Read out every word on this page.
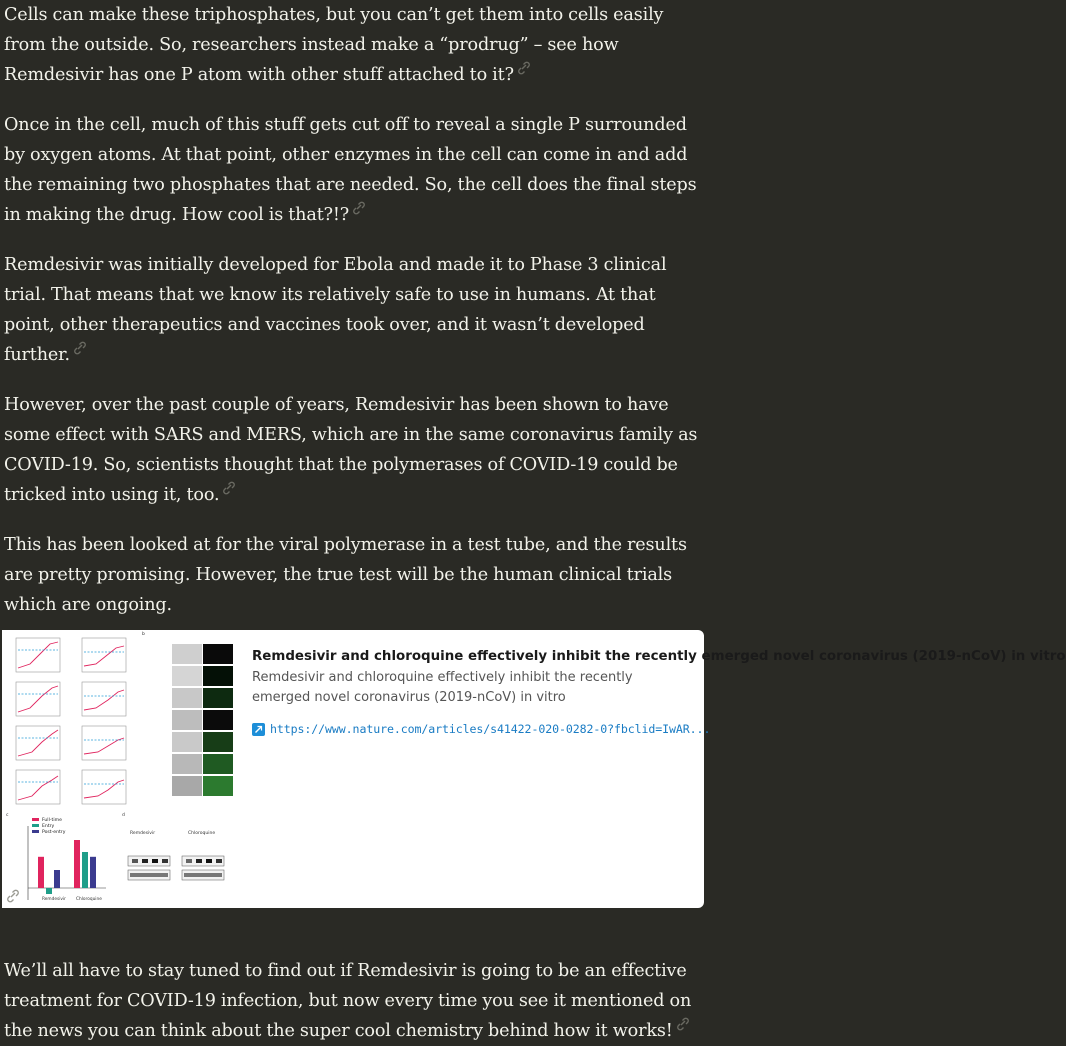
Cells can make these triphosphates, but you can’t get them into cells easily from the outside. So, researchers instead make a “prodrug” – see how Remdesivir has one P atom with other stuff attached to it?

Once in the cell, much of this stuff gets cut off to reveal a single P surrounded by oxygen atoms. At that point, other enzymes in the cell can come in and add the remaining two phosphates that are needed. So, the cell does the final steps in making the drug. How cool is that?!?

Remdesivir was initially developed for Ebola and made it to Phase 3 clinical trial. That means that we know its relatively safe to use in humans. At that point, other therapeutics and vaccines took over, and it wasn’t developed further.

However, over the past couple of years, Remdesivir has been shown to have some effect with SARS and MERS, which are in the same coronavirus family as COVID-19. So, scientists thought that the polymerases of COVID-19 could be tricked into using it, too.

This has been looked at for the viral polymerase in a test tube, and the results are pretty promising. However, the true test will be the human clinical trials which are ongoing.

b
c
Full-time
Entry
Post-entry
Remdesivir Chloroquine
d
Remdesivir	Chloroquine
Remdesivir and chloroquine effectively inhibit the recently emerged novel coronavirus (2019-nCoV) in vitro
Remdesivir and chloroquine effectively inhibit the recently emerged novel coronavirus (2019-nCoV) in vitro
https://www.nature.com/articles/s41422-020-0282-0?fbclid=IwAR...

We’ll all have to stay tuned to find out if Remdesivir is going to be an effective treatment for COVID-19 infection, but now every time you see it mentioned on the news you can think about the super cool chemistry behind how it works!
